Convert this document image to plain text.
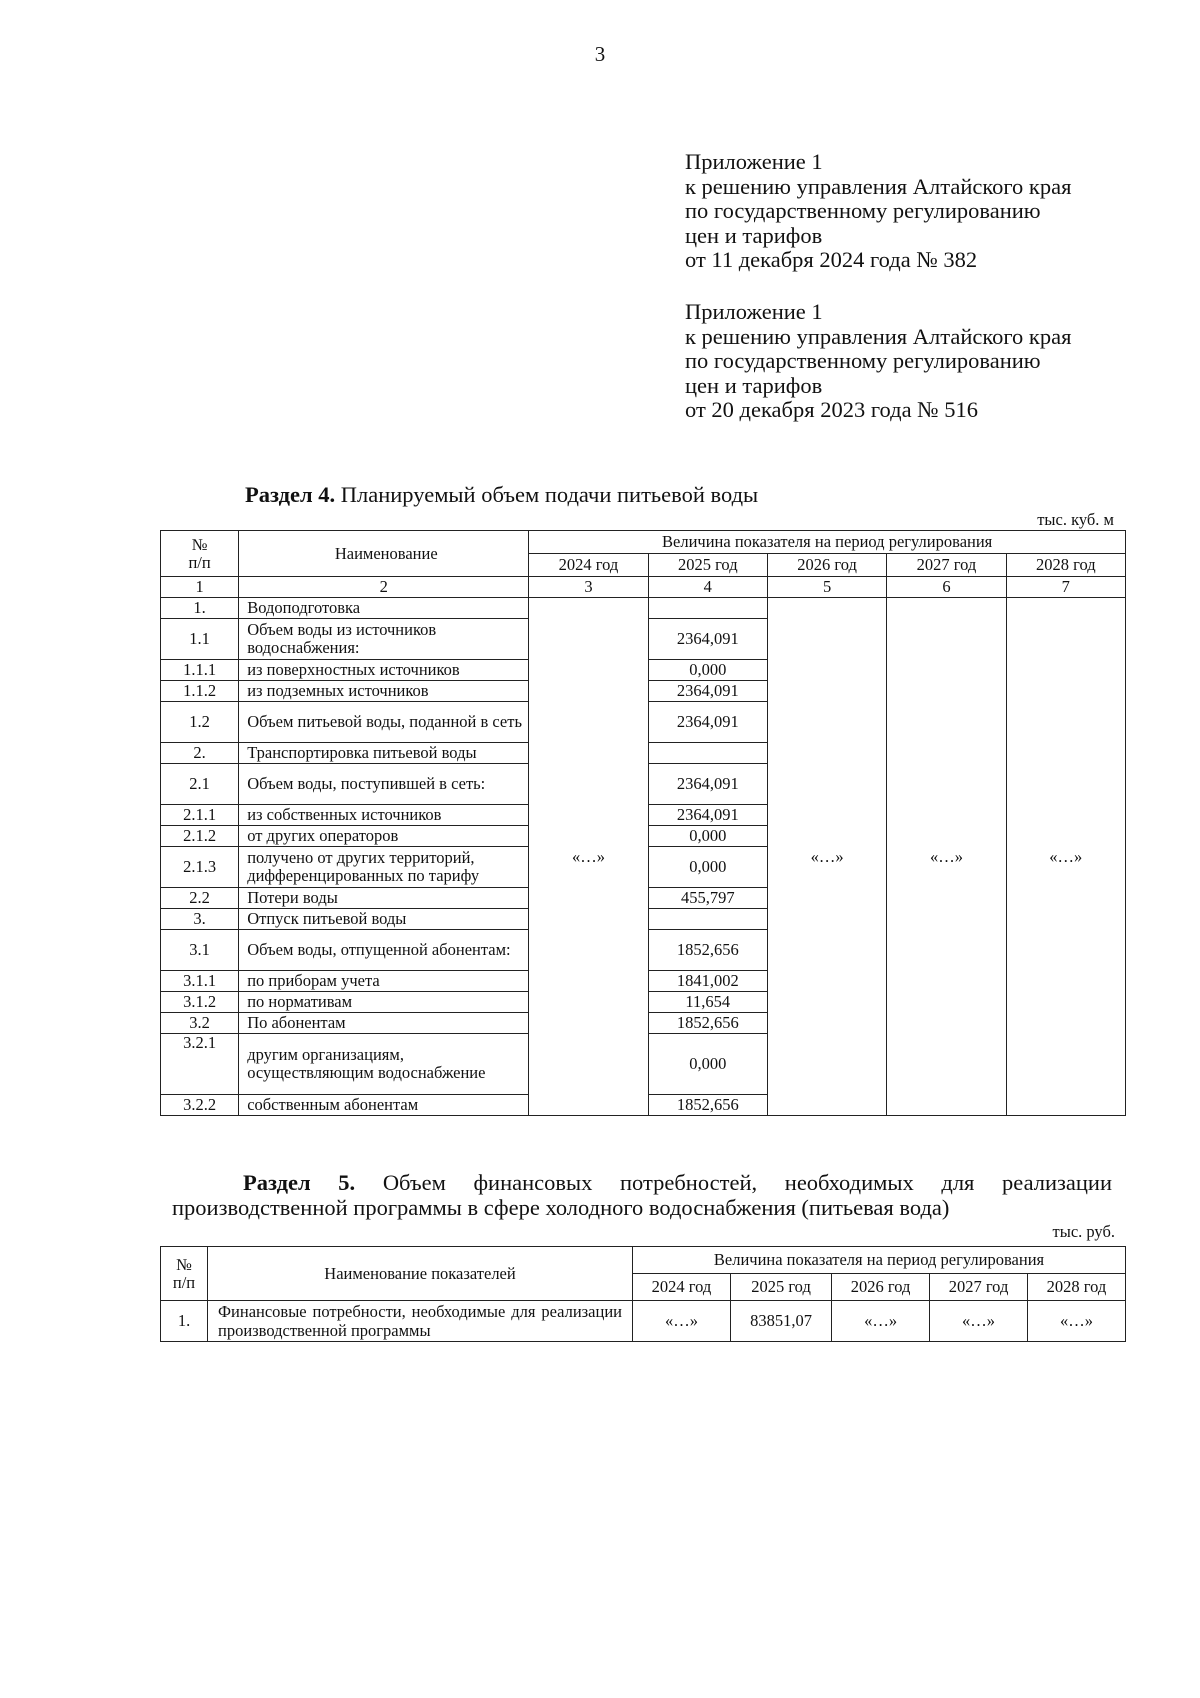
3
Приложение 1
к решению управления Алтайского края
по государственному регулированию
цен и тарифов
от 11 декабря 2024 года № 382
Приложение 1
к решению управления Алтайского края
по государственному регулированию
цен и тарифов
от 20 декабря 2023 года № 516
Раздел 4. Планируемый объем подачи питьевой воды
тыс. куб. м
№
п/п	Наименование	Величина показателя на период регулирования				
		2024 год	2025 год	2026 год	2027 год	2028 год
1	2	3	4	5	6	7
1.	Водоподготовка	«…»		«…»	«…»	«…»
1.1	Объем воды из источников водоснабжения:		2364,091			
1.1.1	из поверхностных источников		0,000			
1.1.2	из подземных источников		2364,091			
1.2	Объем питьевой воды, поданной в сеть		2364,091			
2.	Транспортировка питьевой воды					
2.1	Объем воды, поступившей в сеть:		2364,091			
2.1.1	из собственных источников		2364,091			
2.1.2	от других операторов		0,000			
2.1.3	получено от других территорий, дифференцированных по тарифу		0,000			
2.2	Потери воды		455,797			
3.	Отпуск питьевой воды					
3.1	Объем воды, отпущенной абонентам:		1852,656			
3.1.1	по приборам учета		1841,002			
3.1.2	по нормативам		11,654			
3.2	По абонентам		1852,656			
3.2.1	другим организациям, осуществляющим водоснабжение		0,000			
3.2.2	собственным абонентам		1852,656			
Раздел 5. Объем финансовых потребностей, необходимых для реализации
производственной программы в сфере холодного водоснабжения (питьевая вода)
тыс. руб.
№
п/п	Наименование показателей	Величина показателя на период регулирования				
		2024 год	2025 год	2026 год	2027 год	2028 год
1.	Финансовые потребности, необходимые для реализации производственной программы	«…»	83851,07	«…»	«…»	«…»
